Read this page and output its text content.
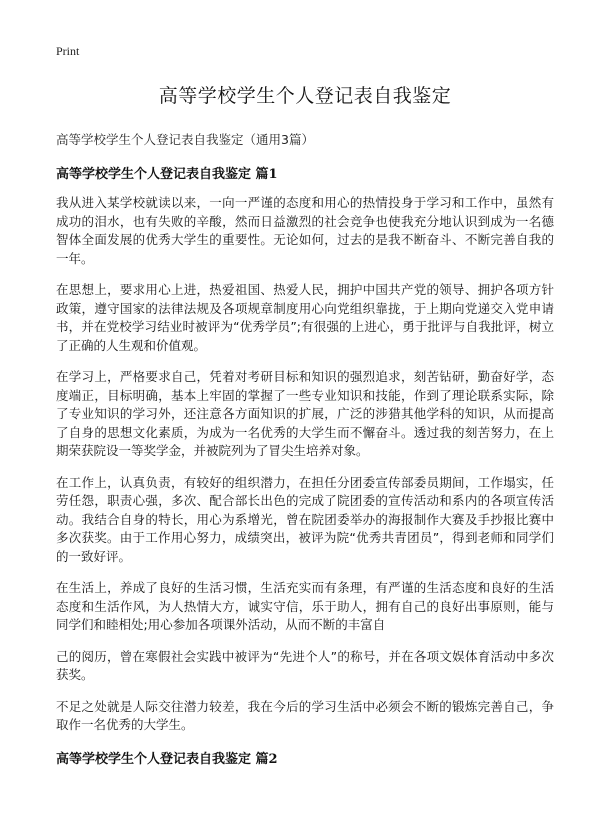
Print
高等学校学生个人登记表自我鉴定
高等学校学生个人登记表自我鉴定（通用3篇）
高等学校学生个人登记表自我鉴定 篇1

我从进入某学校就读以来，一向一严谨的态度和用心的热情投身于学习和工作中，虽然有成功的泪水，也有失败的辛酸，然而日益激烈的社会竞争也使我充分地认识到成为一名德智体全面发展的优秀大学生的重要性。无论如何，过去的是我不断奋斗、不断完善自我的一年。

在思想上，要求用心上进，热爱祖国、热爱人民，拥护中国共产党的领导、拥护各项方针政策，遵守国家的法律法规及各项规章制度用心向党组织靠拢，于上期向党递交入党申请书，并在党校学习结业时被评为“优秀学员”;有很强的上进心，勇于批评与自我批评，树立了正确的人生观和价值观。

在学习上，严格要求自己，凭着对考研目标和知识的强烈追求，刻苦钻研，勤奋好学，态度端正，目标明确，基本上牢固的掌握了一些专业知识和技能，作到了理论联系实际，除了专业知识的学习外，还注意各方面知识的扩展，广泛的涉猎其他学科的知识，从而提高了自身的思想文化素质，为成为一名优秀的大学生而不懈奋斗。透过我的刻苦努力，在上期荣获院设一等奖学金，并被院列为了冒尖生培养对象。

在工作上，认真负责，有较好的组织潜力，在担任分团委宣传部委员期间，工作塌实，任劳任怨，职责心强，多次、配合部长出色的完成了院团委的宣传活动和系内的各项宣传活动。我结合自身的特长，用心为系增光，曾在院团委举办的海报制作大赛及手抄报比赛中多次获奖。由于工作用心努力，成绩突出，被评为院“优秀共青团员”，得到老师和同学们的一致好评。

在生活上，养成了良好的生活习惯，生活充实而有条理，有严谨的生活态度和良好的生活态度和生活作风，为人热情大方，诚实守信，乐于助人，拥有自己的良好出事原则，能与同学们和睦相处;用心参加各项课外活动，从而不断的丰富自

己的阅历，曾在寒假社会实践中被评为“先进个人”的称号，并在各项文娱体育活动中多次获奖。

不足之处就是人际交往潜力较差，我在今后的学习生活中必须会不断的锻炼完善自己，争取作一名优秀的大学生。

高等学校学生个人登记表自我鉴定 篇2
